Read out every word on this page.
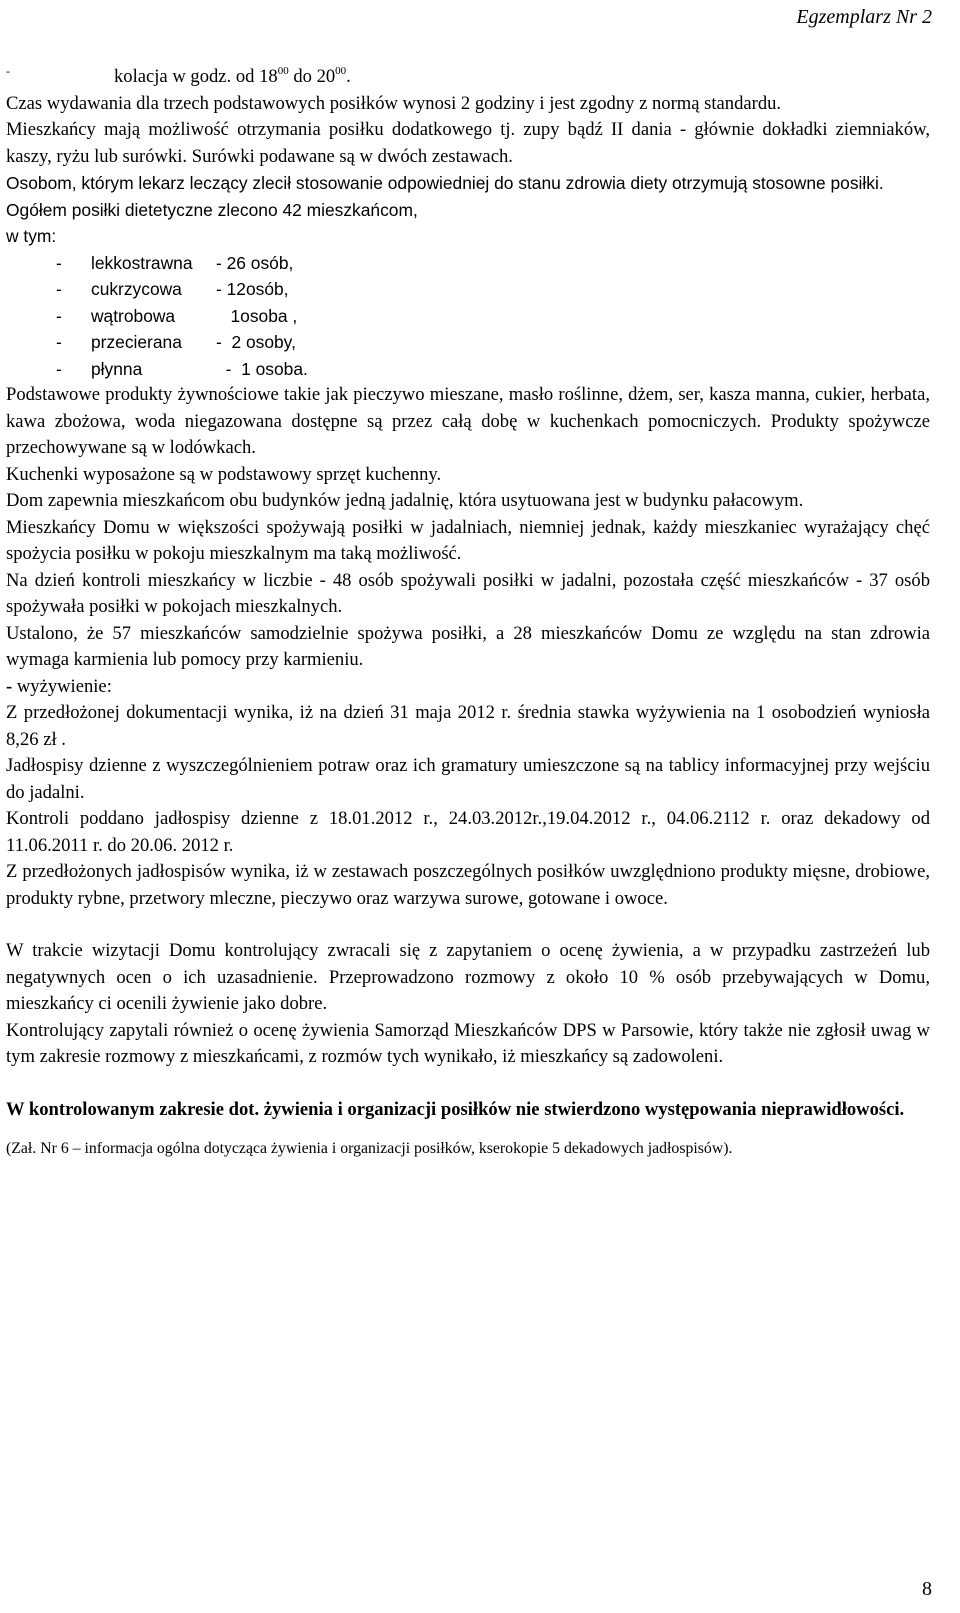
Egzemplarz Nr 2

-	kolacja w godz. od $18^{00}$ do $20^{00}$.

Czas wydawania dla trzech podstawowych posiłków wynosi 2 godziny i jest zgodny z normą standardu.

Mieszkańcy mają możliwość otrzymania posiłku dodatkowego tj. zupy bądź II dania - głównie dokładki ziemniaków, kaszy, ryżu lub surówki. Surówki podawane są w dwóch zestawach.

Osobom, którym lekarz leczący zlecił stosowanie odpowiedniej do stanu zdrowia diety otrzymują stosowne posiłki.

Ogółem posiłki dietetyczne zlecono 42 mieszkańcom,

w tym:

-	lekkostrawna	- 26 osób,
-	cukrzycowa	- 12osób,
-	wątrobowa	1osoba ,
-	przecierana	-  2 osoby,
-	płynna	-  1 osoba.

Podstawowe produkty żywnościowe takie jak pieczywo mieszane, masło roślinne, dżem, ser, kasza manna, cukier, herbata, kawa zbożowa, woda niegazowana dostępne są przez całą dobę w kuchenkach pomocniczych. Produkty spożywcze przechowywane są w lodówkach.

Kuchenki wyposażone są w podstawowy sprzęt kuchenny.

Dom zapewnia mieszkańcom obu budynków jedną jadalnię, która usytuowana jest w budynku pałacowym.

Mieszkańcy Domu w większości spożywają posiłki w jadalniach, niemniej jednak, każdy mieszkaniec wyrażający chęć spożycia posiłku w pokoju mieszkalnym ma taką możliwość.

Na dzień kontroli mieszkańcy w liczbie - 48 osób spożywali posiłki w jadalni, pozostała część mieszkańców - 37 osób spożywała posiłki w pokojach mieszkalnych.

Ustalono, że 57 mieszkańców samodzielnie spożywa posiłki, a 28 mieszkańców Domu ze względu na stan zdrowia wymaga karmienia lub pomocy przy karmieniu.

- wyżywienie:

Z przedłożonej dokumentacji wynika, iż na dzień 31 maja 2012 r. średnia stawka wyżywienia na 1 osobodzień wyniosła 8,26 zł .

Jadłospisy dzienne z wyszczególnieniem potraw oraz ich gramatury umieszczone są na tablicy informacyjnej przy wejściu do jadalni.

Kontroli poddano jadłospisy dzienne z 18.01.2012 r., 24.03.2012r.,19.04.2012 r., 04.06.2112 r. oraz dekadowy od 11.06.2011 r. do 20.06. 2012 r.

Z przedłożonych jadłospisów wynika, iż w zestawach poszczególnych posiłków uwzględniono produkty mięsne, drobiowe, produkty rybne, przetwory mleczne, pieczywo oraz warzywa surowe, gotowane i owoce.

W trakcie wizytacji Domu kontrolujący zwracali się z zapytaniem o ocenę żywienia, a w przypadku zastrzeżeń lub negatywnych ocen o ich uzasadnienie. Przeprowadzono rozmowy z około 10 % osób przebywających w Domu, mieszkańcy ci ocenili żywienie jako dobre.

Kontrolujący zapytali również o ocenę żywienia Samorząd Mieszkańców DPS w Parsowie, który także nie zgłosił uwag w tym zakresie rozmowy z mieszkańcami, z rozmów tych wynikało, iż mieszkańcy są zadowoleni.

W kontrolowanym zakresie dot. żywienia i organizacji posiłków nie stwierdzono występowania nieprawidłowości.

(Zał. Nr 6 – informacja ogólna dotycząca żywienia i organizacji posiłków, kserokopie 5 dekadowych jadłospisów).

8
